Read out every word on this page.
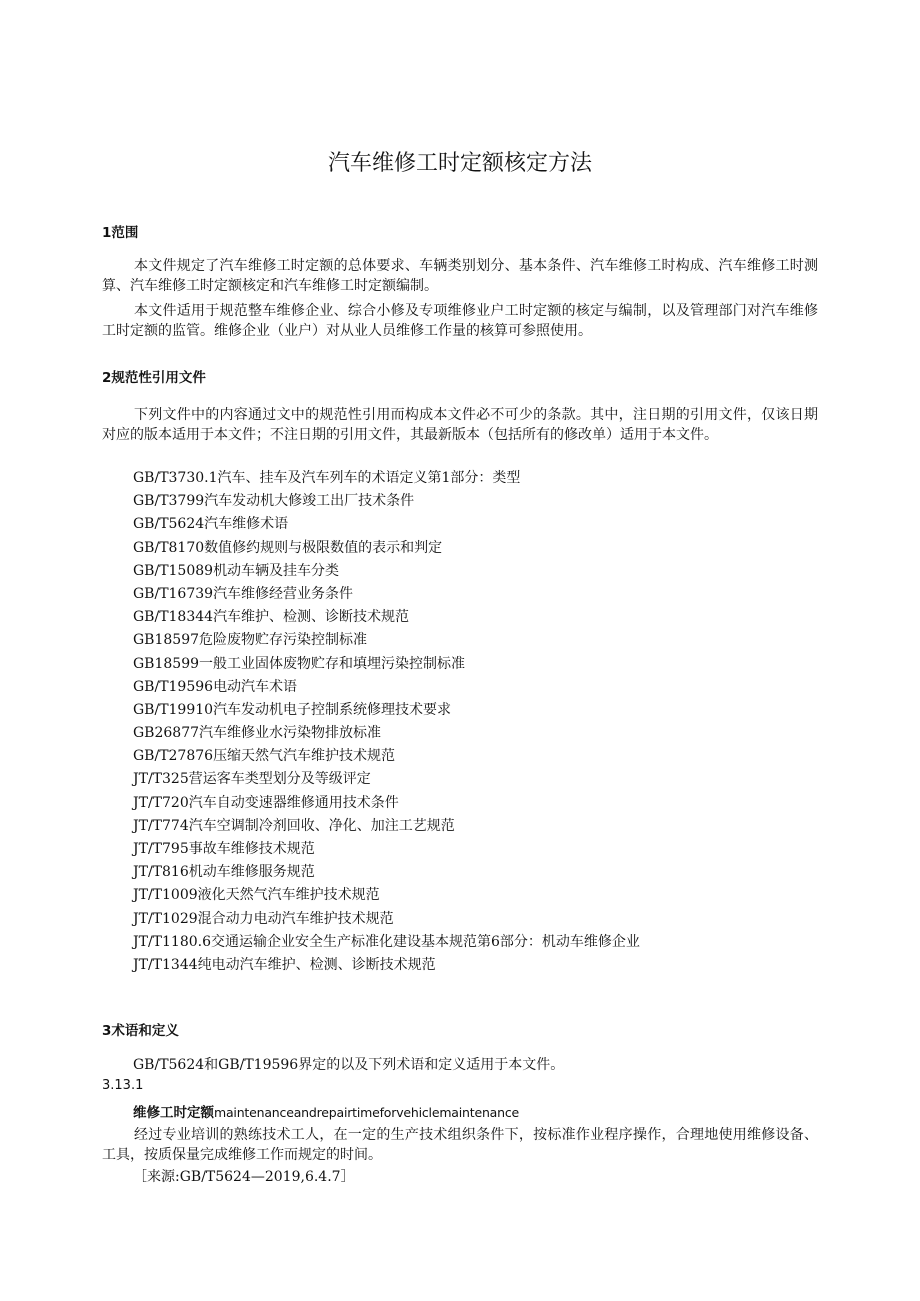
汽车维修工时定额核定方法
1范围
本文件规定了汽车维修工时定额的总体要求、车辆类别划分、基本条件、汽车维修工时构成、汽车维修工时测算、汽车维修工时定额核定和汽车维修工时定额编制。
本文件适用于规范整车维修企业、综合小修及专项维修业户工时定额的核定与编制，以及管理部门对汽车维修工时定额的监管。维修企业（业户）对从业人员维修工作量的核算可参照使用。
2规范性引用文件
下列文件中的内容通过文中的规范性引用而构成本文件必不可少的条款。其中，注日期的引用文件，仅该日期对应的版本适用于本文件；不注日期的引用文件，其最新版本（包括所有的修改单）适用于本文件。
GB/T3730.1汽车、挂车及汽车列车的术语定义第1部分：类型
GB/T3799汽车发动机大修竣工出厂技术条件
GB/T5624汽车维修术语
GB/T8170数值修约规则与极限数值的表示和判定
GB/T15089机动车辆及挂车分类
GB/T16739汽车维修经营业务条件
GB/T18344汽车维护、检测、诊断技术规范
GB18597危险废物贮存污染控制标准
GB18599一般工业固体废物贮存和填埋污染控制标准
GB/T19596电动汽车术语
GB/T19910汽车发动机电子控制系统修理技术要求
GB26877汽车维修业水污染物排放标准
GB/T27876压缩天然气汽车维护技术规范
JT/T325营运客车类型划分及等级评定
JT/T720汽车自动变速器维修通用技术条件
JT/T774汽车空调制冷剂回收、净化、加注工艺规范
JT/T795事故车维修技术规范
JT/T816机动车维修服务规范
JT/T1009液化天然气汽车维护技术规范
JT/T1029混合动力电动汽车维护技术规范
JT/T1180.6交通运输企业安全生产标准化建设基本规范第6部分：机动车维修企业
JT/T1344纯电动汽车维护、检测、诊断技术规范
3术语和定义
GB/T5624和GB/T19596界定的以及下列术语和定义适用于本文件。
3.13.1
维修工时定额maintenanceandrepairtimeforvehiclemaintenance
经过专业培训的熟练技术工人，在一定的生产技术组织条件下，按标准作业程序操作，合理地使用维修设备、工具，按质保量完成维修工作而规定的时间。
［来源:GB/T5624—2019,6.4.7］
